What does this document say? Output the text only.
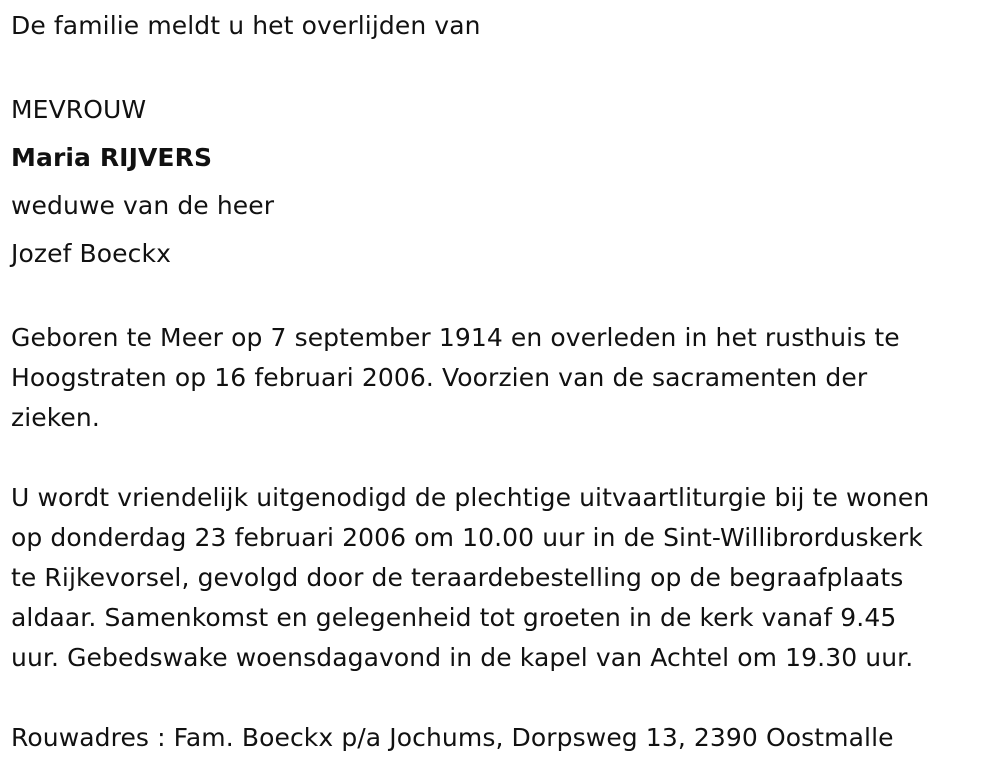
De familie meldt u het overlijden van
MEVROUW
Maria RIJVERS
weduwe van de heer
Jozef Boeckx
Geboren te Meer op 7 september 1914 en overleden in het rusthuis te
Hoogstraten op 16 februari 2006. Voorzien van de sacramenten der
zieken.
U wordt vriendelijk uitgenodigd de plechtige uitvaartliturgie bij te wonen
op donderdag 23 februari 2006 om 10.00 uur in de Sint-Willibrorduskerk
te Rijkevorsel, gevolgd door de teraardebestelling op de begraafplaats
aldaar. Samenkomst en gelegenheid tot groeten in de kerk vanaf 9.45
uur. Gebedswake woensdagavond in de kapel van Achtel om 19.30 uur.
Rouwadres : Fam. Boeckx p/a Jochums, Dorpsweg 13, 2390 Oostmalle
